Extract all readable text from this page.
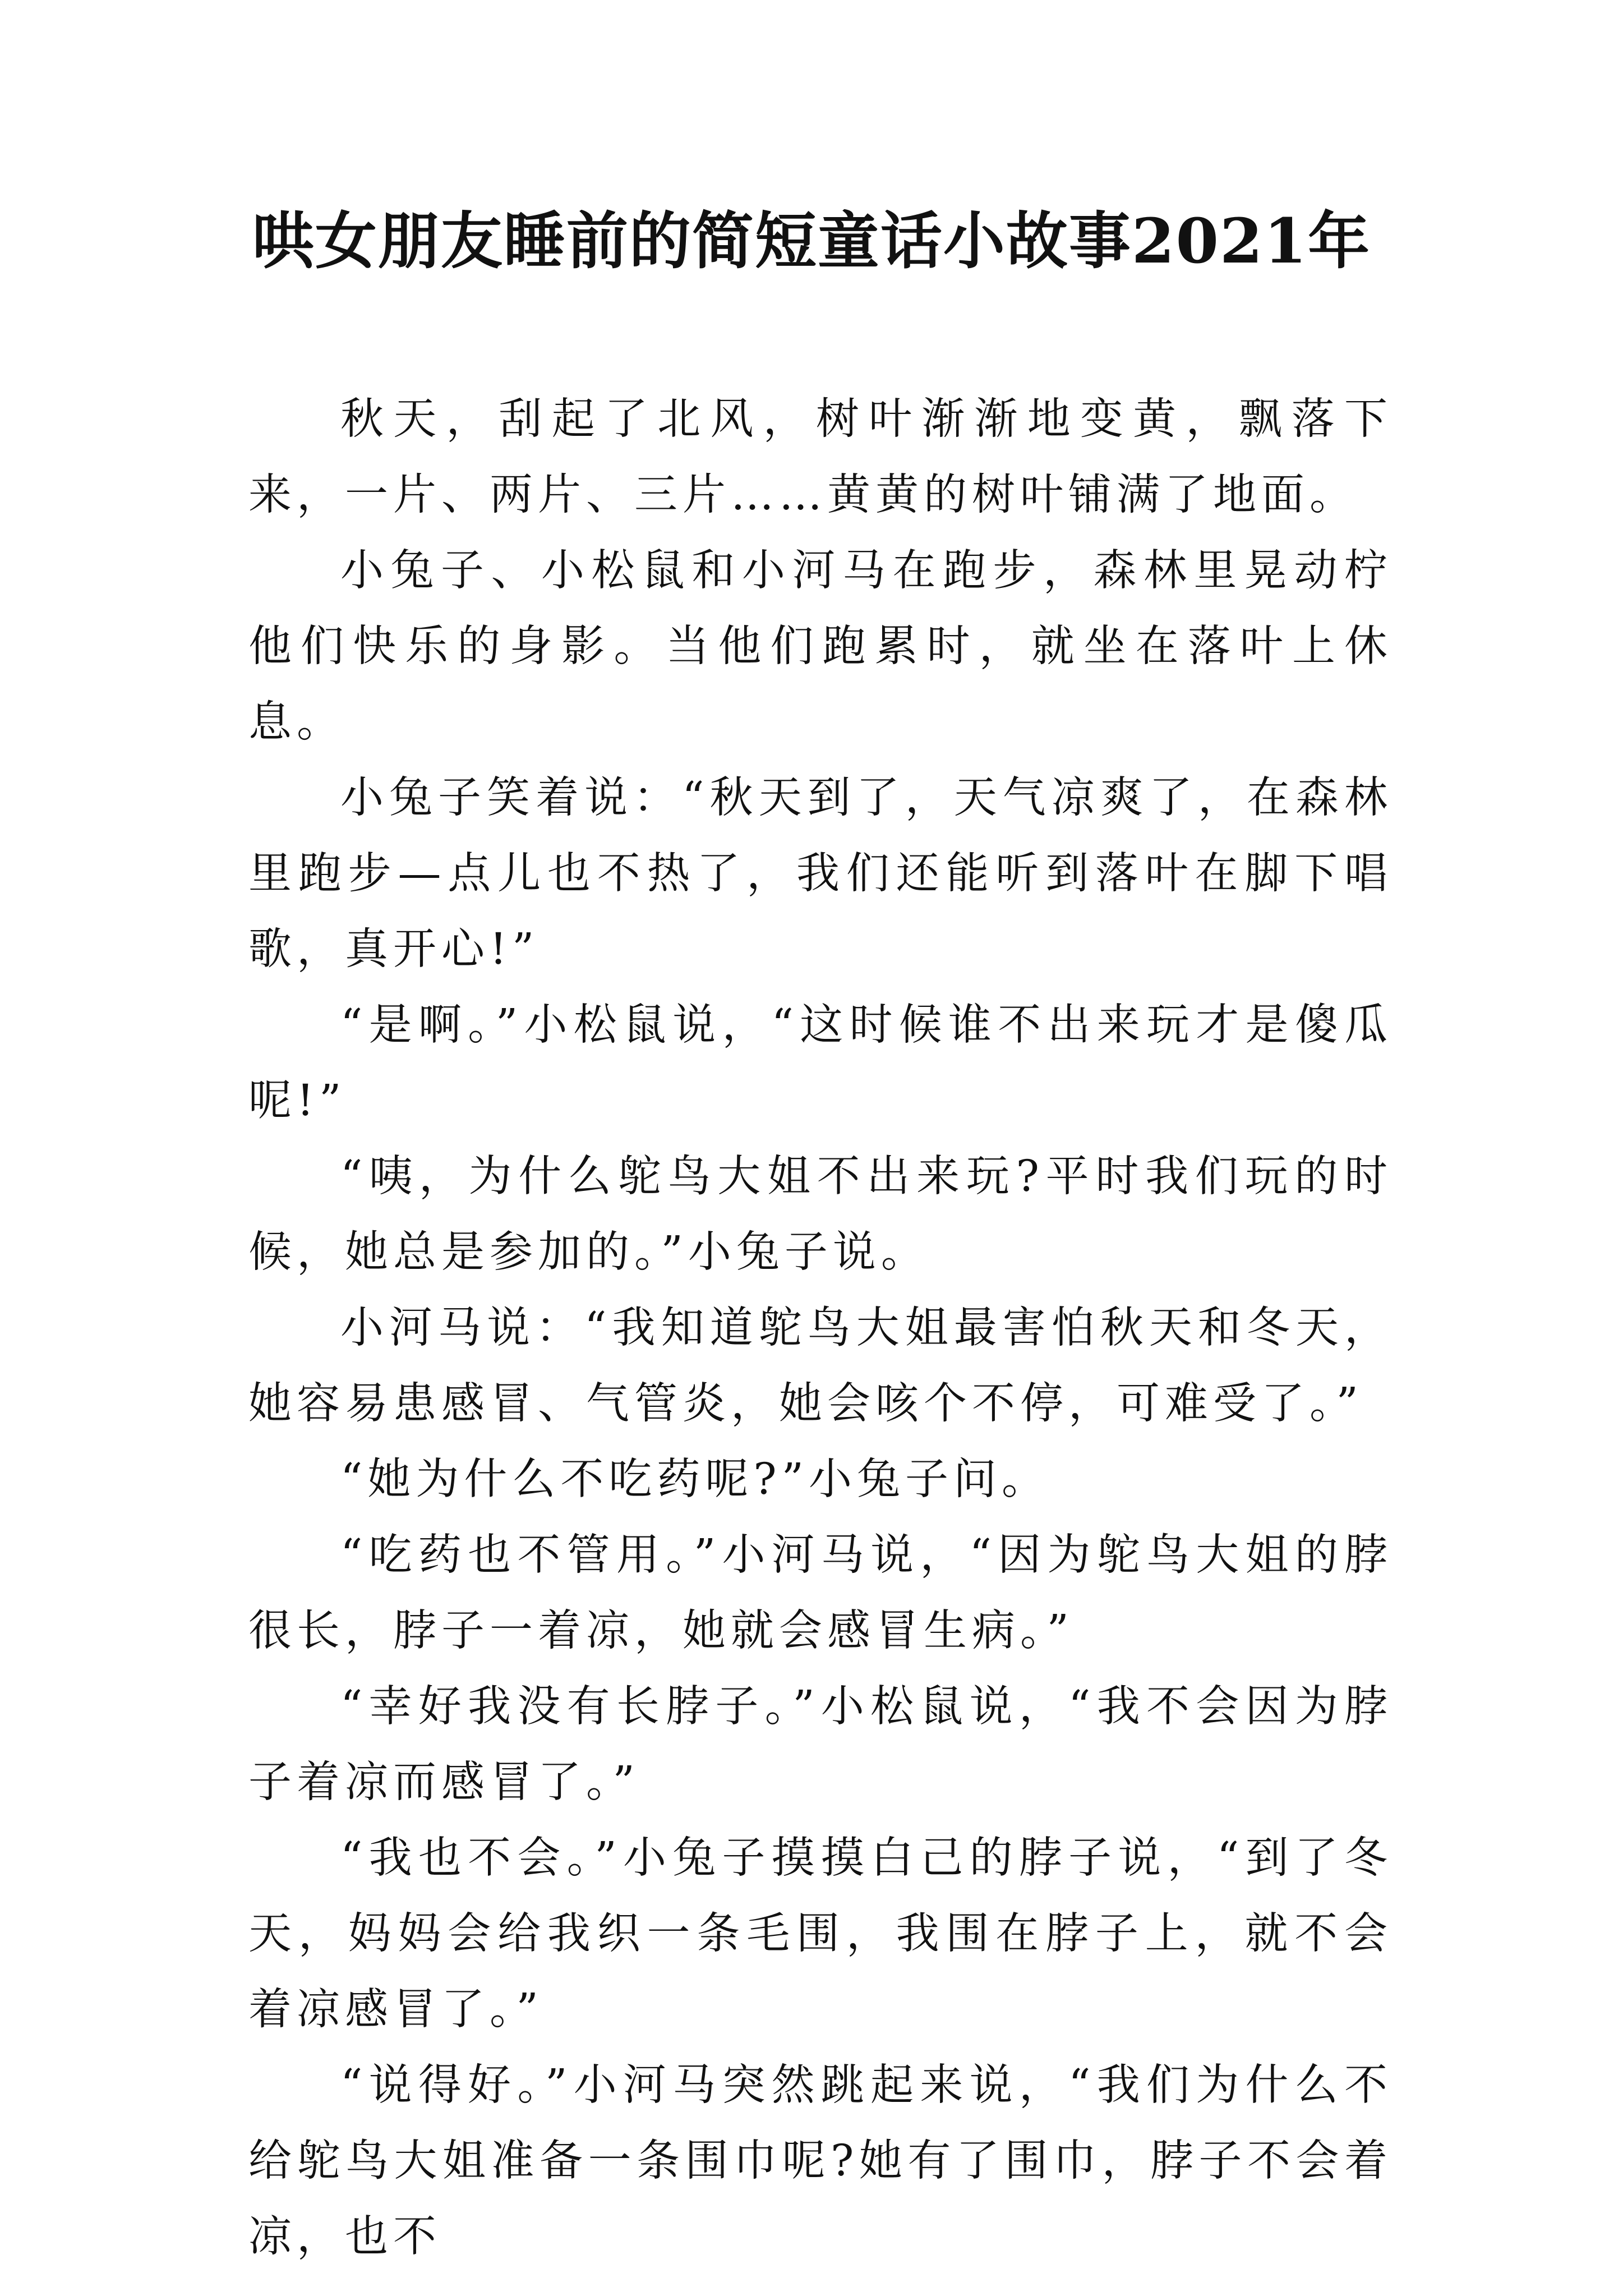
哄女朋友睡前的简短童话小故事2021年

秋天，刮起了北风，树叶渐渐地变黄，飘落下来，一片、两片、三片……黄黄的树叶铺满了地面。

小兔子、小松鼠和小河马在跑步，森林里晃动柠他们快乐的身影。当他们跑累时，就坐在落叶上休息。

小兔子笑着说：“秋天到了，天气凉爽了，在森林里跑步—点儿也不热了，我们还能听到落叶在脚下唱歌，真开心!”

“是啊。”小松鼠说，“这时候谁不出来玩才是傻瓜呢!”

“咦，为什么鸵鸟大姐不出来玩?平时我们玩的时候，她总是参加的。”小兔子说。

小河马说：“我知道鸵鸟大姐最害怕秋天和冬天，她容易患感冒、气管炎，她会咳个不停，可难受了。”

“她为什么不吃药呢?”小兔子问。

“吃药也不管用。”小河马说，“因为鸵鸟大姐的脖很长，脖子一着凉，她就会感冒生病。”

“幸好我没有长脖子。”小松鼠说，“我不会因为脖子着凉而感冒了。”

“我也不会。”小兔子摸摸白己的脖子说，“到了冬天，妈妈会给我织一条毛围，我围在脖子上，就不会着凉感冒了。”

“说得好。”小河马突然跳起来说，“我们为什么不给鸵鸟大姐准备一条围巾呢?她有了围巾，脖子不会着凉，也不
